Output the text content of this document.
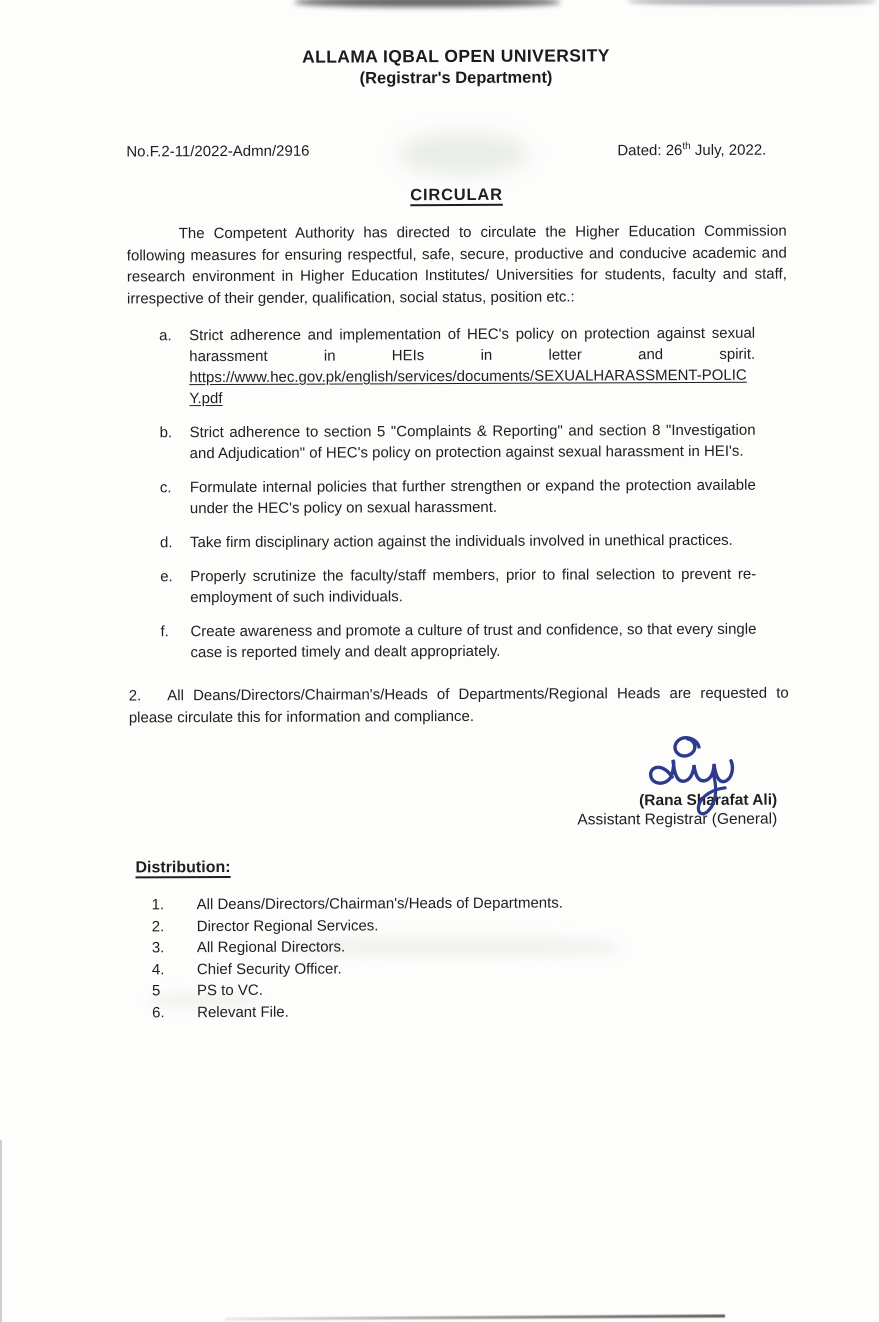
ALLAMA IQBAL OPEN UNIVERSITY
(Registrar's Department)
No.F.2-11/2022-Admn/2916	Dated: 26th July, 2022.
CIRCULAR

The Competent Authority has directed to circulate the Higher Education Commission following measures for ensuring respectful, safe, secure, productive and conducive academic and research environment in Higher Education Institutes/ Universities for students, faculty and staff, irrespective of their gender, qualification, social status, position etc.:

a.	Strict adherence and implementation of HEC's policy on protection against sexual harassment in HEIs in letter and spirit.
https://www.hec.gov.pk/english/services/documents/SEXUALHARASSMENT-POLICY.pdf
b.	Strict adherence to section 5 "Complaints & Reporting" and section 8 "Investigation and Adjudication" of HEC's policy on protection against sexual harassment in HEI's.
c.	Formulate internal policies that further strengthen or expand the protection available under the HEC's policy on sexual harassment.
d.	Take firm disciplinary action against the individuals involved in unethical practices.
e.	Properly scrutinize the faculty/staff members, prior to final selection to prevent re-employment of such individuals.
f.	Create awareness and promote a culture of trust and confidence, so that every single case is reported timely and dealt appropriately.

2. All Deans/Directors/Chairman's/Heads of Departments/Regional Heads are requested to please circulate this for information and compliance.

(Rana Sharafat Ali)
Assistant Registrar (General)
Distribution:
1.	All Deans/Directors/Chairman's/Heads of Departments.
2.	Director Regional Services.
3.	All Regional Directors.
4.	Chief Security Officer.
5	PS to VC.
6.	Relevant File.
